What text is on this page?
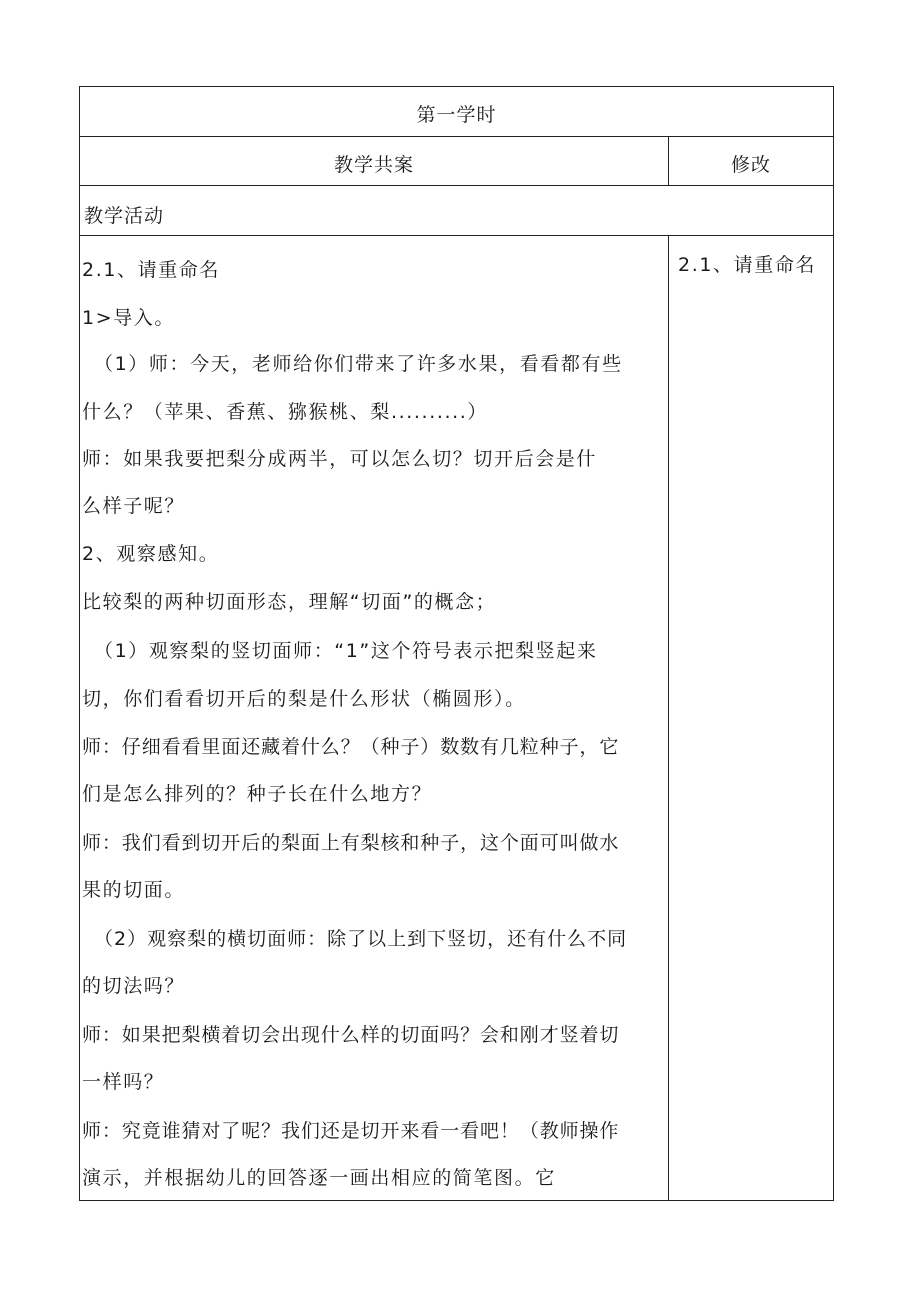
第一学时
教学共案	修改
教学活动
2.1、请重命名
2.1、请重命名
1>导入。
（1）师：今天，老师给你们带来了许多水果，看看都有些
什么？（苹果、香蕉、猕猴桃、梨..........）
师：如果我要把梨分成两半，可以怎么切？切开后会是什
么样子呢？
2、观察感知。
比较梨的两种切面形态，理解“切面”的概念；
（1）观察梨的竖切面师：“1”这个符号表示把梨竖起来
切，你们看看切开后的梨是什么形状（椭圆形）。
师：仔细看看里面还藏着什么？（种子）数数有几粒种子，它
们是怎么排列的？种子长在什么地方？
师：我们看到切开后的梨面上有梨核和种子，这个面可叫做水
果的切面。
（2）观察梨的横切面师：除了以上到下竖切，还有什么不同
的切法吗？
师：如果把梨横着切会出现什么样的切面吗？会和刚才竖着切
一样吗？
师：究竟谁猜对了呢？我们还是切开来看一看吧！（教师操作
演示，并根据幼儿的回答逐一画出相应的简笔图。它
